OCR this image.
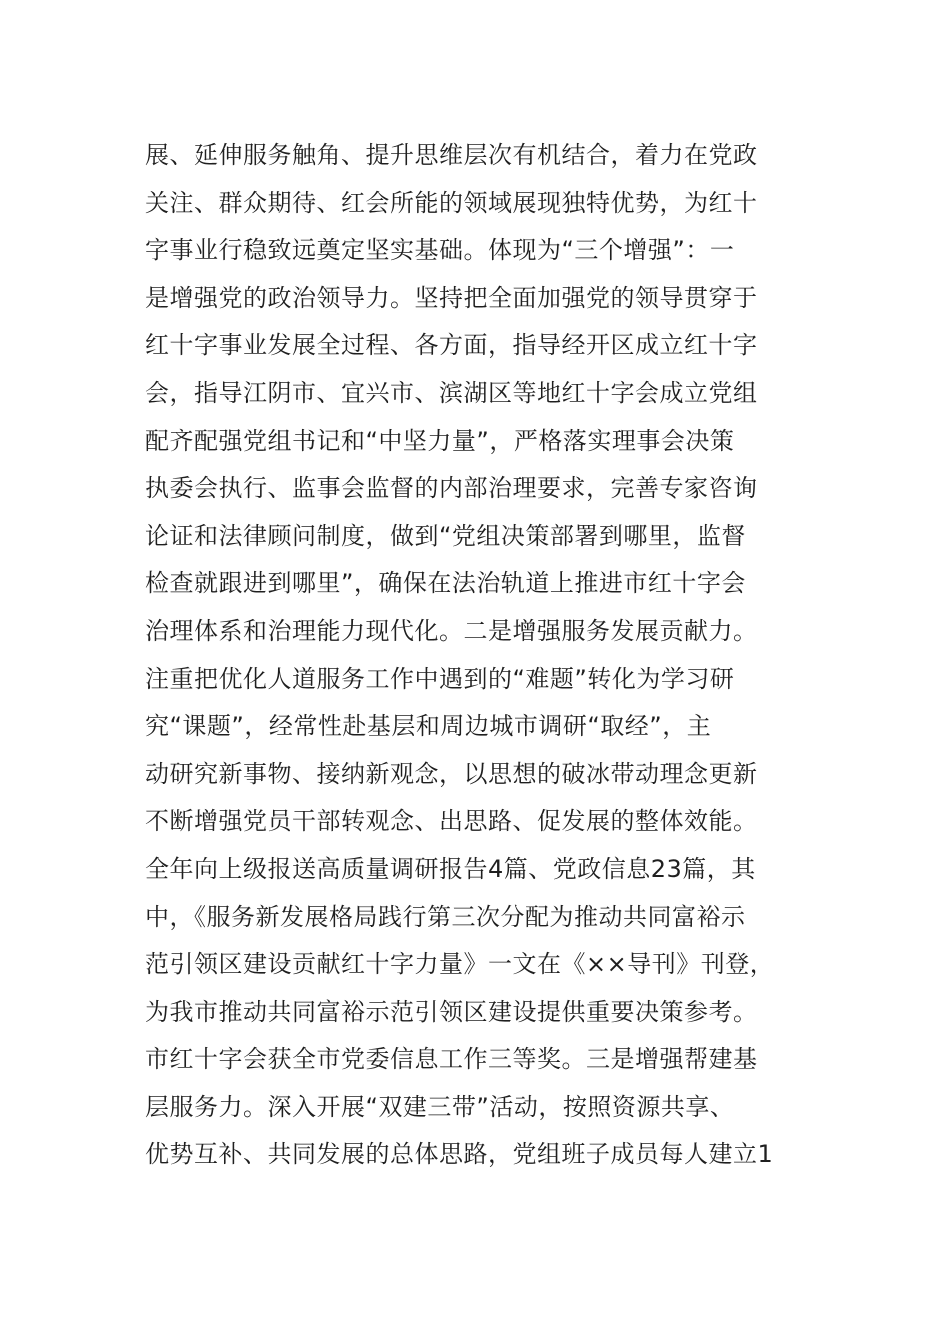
展、延伸服务触角、提升思维层次有机结合，着力在党政
关注、群众期待、红会所能的领域展现独特优势，为红十
字事业行稳致远奠定坚实基础。体现为“三个增强”：一
是增强党的政治领导力。坚持把全面加强党的领导贯穿于
红十字事业发展全过程、各方面，指导经开区成立红十字
会，指导江阴市、宜兴市、滨湖区等地红十字会成立党组
配齐配强党组书记和“中坚力量”，严格落实理事会决策
执委会执行、监事会监督的内部治理要求，完善专家咨询
论证和法律顾问制度，做到“党组决策部署到哪里，监督
检查就跟进到哪里”，确保在法治轨道上推进市红十字会
治理体系和治理能力现代化。二是增强服务发展贡献力。
注重把优化人道服务工作中遇到的“难题”转化为学习研
究“课题”，经常性赴基层和周边城市调研“取经”，主
动研究新事物、接纳新观念，以思想的破冰带动理念更新
不断增强党员干部转观念、出思路、促发展的整体效能。
全年向上级报送高质量调研报告4篇、党政信息23篇，其
中，《服务新发展格局践行第三次分配为推动共同富裕示
范引领区建设贡献红十字力量》一文在《××导刊》刊登，
为我市推动共同富裕示范引领区建设提供重要决策参考。
市红十字会获全市党委信息工作三等奖。三是增强帮建基
层服务力。深入开展“双建三带”活动，按照资源共享、
优势互补、共同发展的总体思路，党组班子成员每人建立1
